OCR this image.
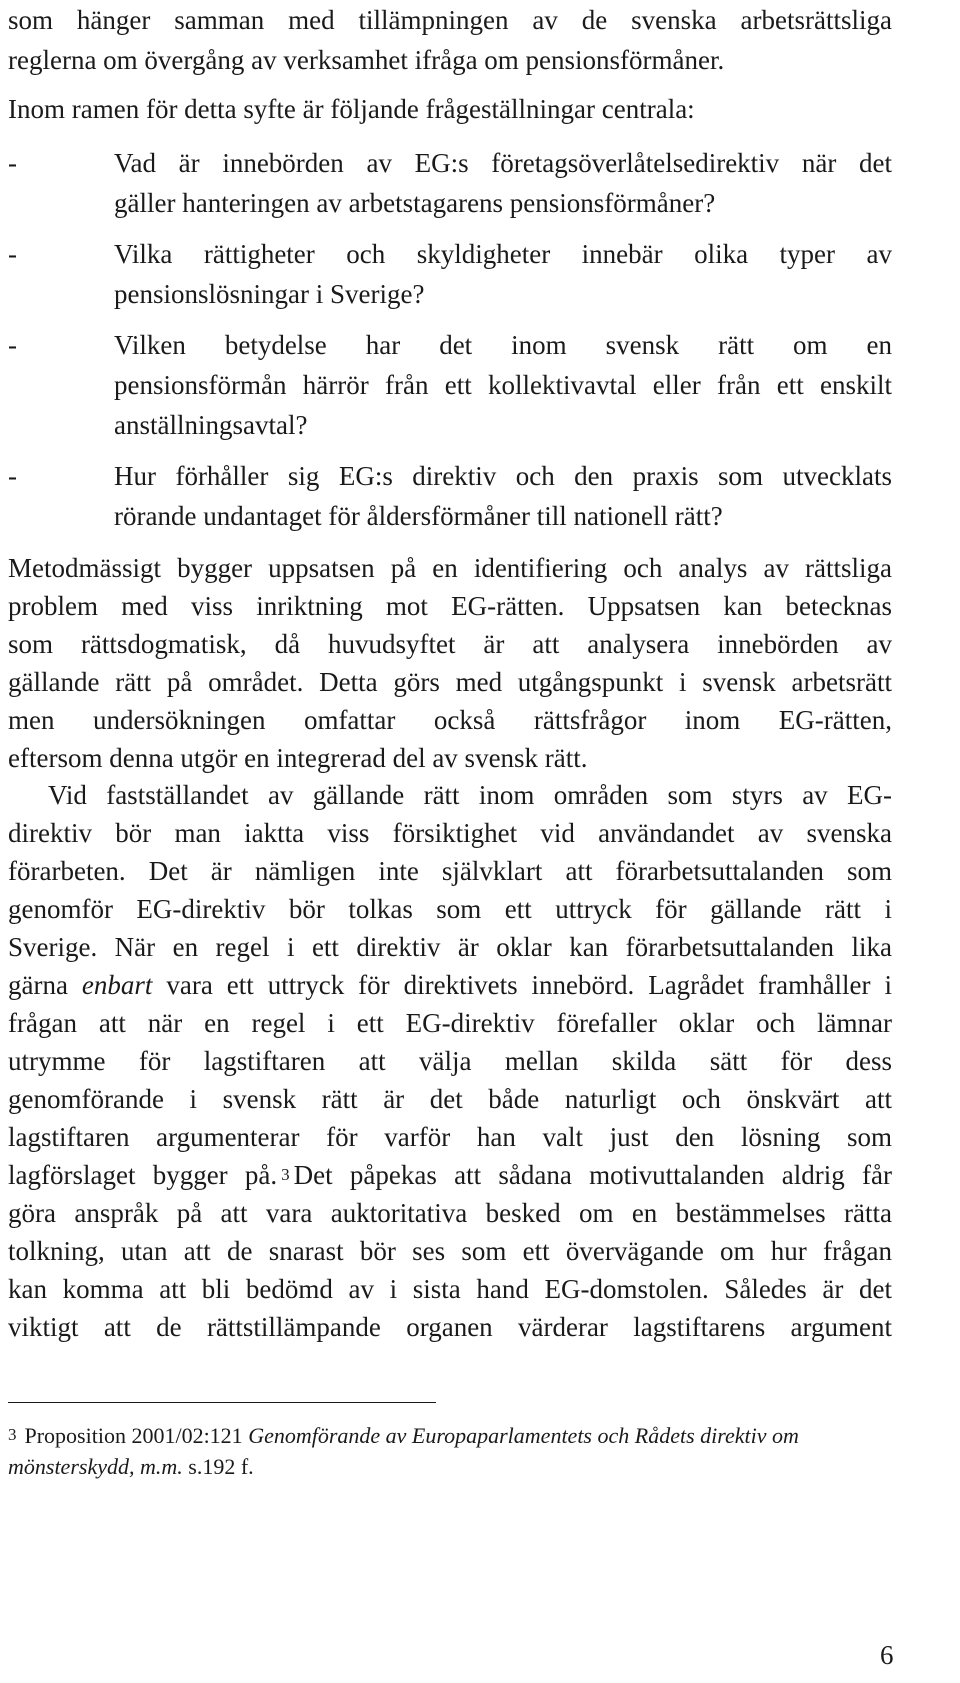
som hänger samman med tillämpningen av de svenska arbetsrättsliga
reglerna om övergång av verksamhet ifråga om pensionsförmåner.
Inom ramen för detta syfte är följande frågeställningar centrala:
-	Vad är innebörden av EG:s företagsöverlåtelsedirektiv när det
gäller hanteringen av arbetstagarens pensionsförmåner?
-	Vilka rättigheter och skyldigheter innebär olika typer av
pensionslösningar i Sverige?
-	Vilken betydelse har det inom svensk rätt om en
pensionsförmån härrör från ett kollektivavtal eller från ett enskilt
anställningsavtal?
-	Hur förhåller sig EG:s direktiv och den praxis som utvecklats
rörande undantaget för åldersförmåner till nationell rätt?
Metodmässigt bygger uppsatsen på en identifiering och analys av rättsliga
problem med viss inriktning mot EG-rätten. Uppsatsen kan betecknas
som rättsdogmatisk, då huvudsyftet är att analysera innebörden av
gällande rätt på området. Detta görs med utgångspunkt i svensk arbetsrätt
men undersökningen omfattar också rättsfrågor inom EG-rätten,
eftersom denna utgör en integrerad del av svensk rätt.
Vid fastställandet av gällande rätt inom områden som styrs av EG-
direktiv bör man iaktta viss försiktighet vid användandet av svenska
förarbeten. Det är nämligen inte självklart att förarbetsuttalanden som
genomför EG-direktiv bör tolkas som ett uttryck för gällande rätt i
Sverige. När en regel i ett direktiv är oklar kan förarbetsuttalanden lika
gärna enbart vara ett uttryck för direktivets innebörd. Lagrådet framhåller i
frågan att när en regel i ett EG-direktiv förefaller oklar och lämnar
utrymme för lagstiftaren att välja mellan skilda sätt för dess
genomförande i svensk rätt är det både naturligt och önskvärt att
lagstiftaren argumenterar för varför han valt just den lösning som
lagförslaget bygger på. $^3$ Det påpekas att sådana motivuttalanden aldrig får
göra anspråk på att vara auktoritativa besked om en bestämmelses rätta
tolkning, utan att de snarast bör ses som ett övervägande om hur frågan
kan komma att bli bedömd av i sista hand EG-domstolen. Således är det
viktigt att de rättstillämpande organen värderar lagstiftarens argument
3 Proposition 2001/02:121 Genomförande av Europaparlamentets och Rådets direktiv om
mönsterskydd, m.m. s.192 f.
6
